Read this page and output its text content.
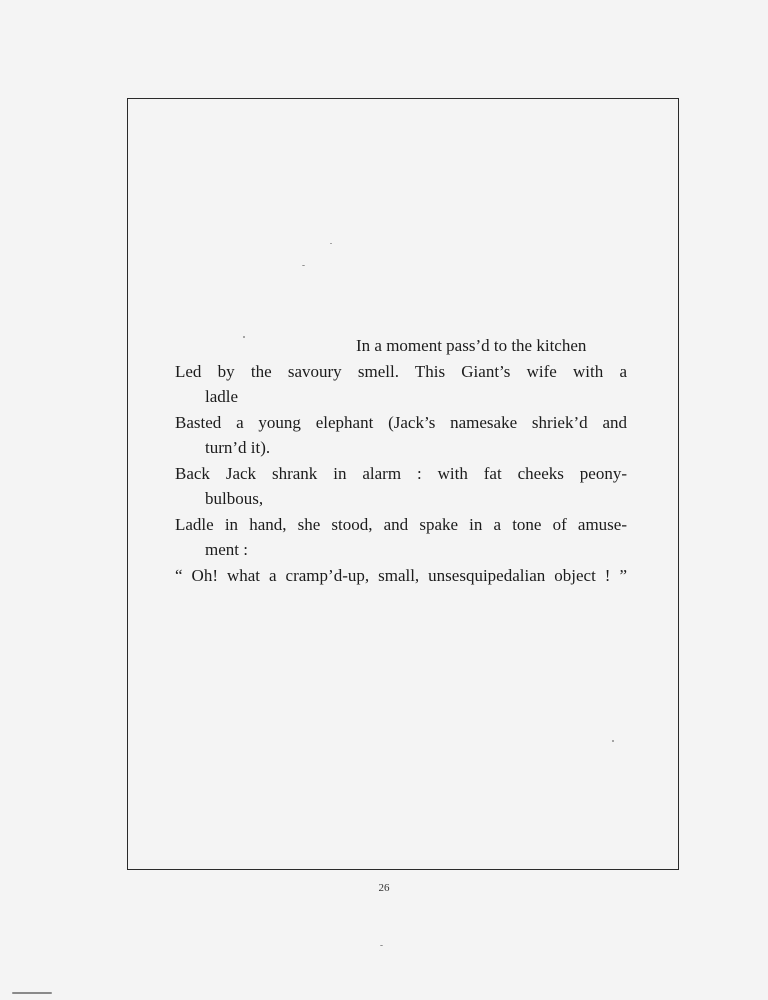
In a moment pass’d to the kitchen
Led by the savoury smell. This Giant’s wife with a
ladle
Basted a young elephant (Jack’s namesake shriek’d and
turn’d it).
Back Jack shrank in alarm : with fat cheeks peony-
bulbous,
Ladle in hand, she stood, and spake in a tone of amuse-
ment :
“ Oh! what a cramp’d-up, small, unsesquipedalian object ! ”
26
